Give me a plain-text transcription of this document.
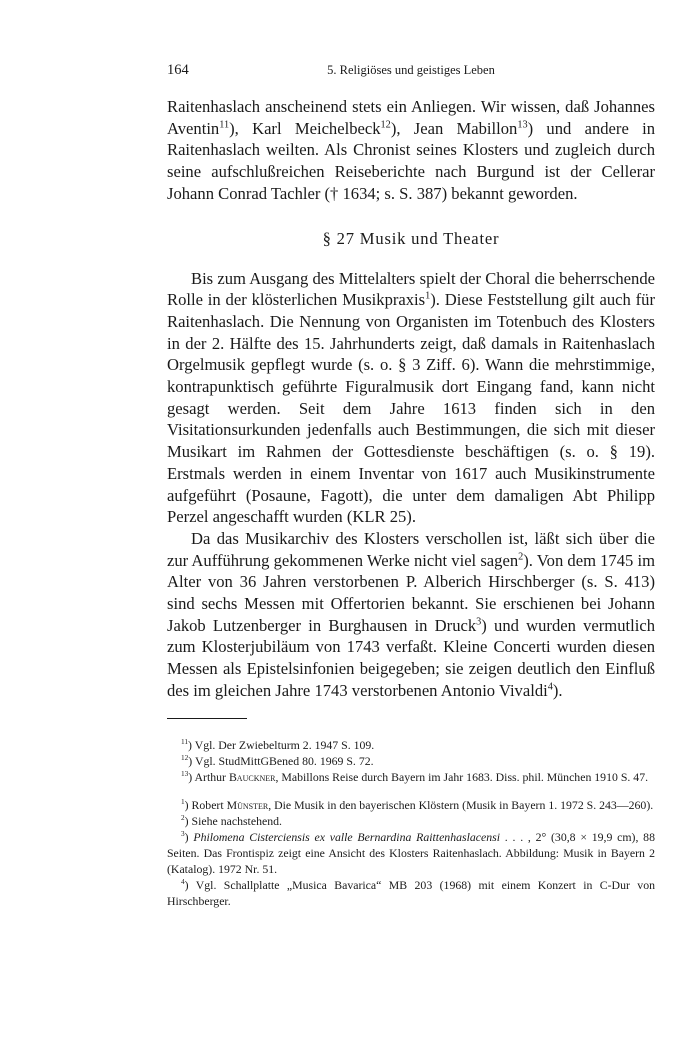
164	5. Religiöses und geistiges Leben

Raitenhaslach anscheinend stets ein Anliegen. Wir wissen, daß Johannes Aventin$^{11}$), Karl Meichelbeck$^{12}$), Jean Mabillon$^{13}$) und andere in Raitenhaslach weilten. Als Chronist seines Klosters und zugleich durch seine aufschlußreichen Reiseberichte nach Burgund ist der Cellerar Johann Conrad Tachler († 1634; s. S. 387) bekannt geworden.

§ 27 Musik und Theater

Bis zum Ausgang des Mittelalters spielt der Choral die beherrschende Rolle in der klösterlichen Musikpraxis$^1$). Diese Feststellung gilt auch für Raitenhaslach. Die Nennung von Organisten im Totenbuch des Klosters in der 2. Hälfte des 15. Jahrhunderts zeigt, daß damals in Raitenhaslach Orgelmusik gepflegt wurde (s. o. § 3 Ziff. 6). Wann die mehrstimmige, kontrapunktisch geführte Figuralmusik dort Eingang fand, kann nicht gesagt werden. Seit dem Jahre 1613 finden sich in den Visitationsurkunden jedenfalls auch Bestimmungen, die sich mit dieser Musikart im Rahmen der Gottesdienste beschäftigen (s. o. § 19). Erstmals werden in einem Inventar von 1617 auch Musikinstrumente aufgeführt (Posaune, Fagott), die unter dem damaligen Abt Philipp Perzel angeschafft wurden (KLR 25).

Da das Musikarchiv des Klosters verschollen ist, läßt sich über die zur Aufführung gekommenen Werke nicht viel sagen$^2$). Von dem 1745 im Alter von 36 Jahren verstorbenen P. Alberich Hirschberger (s. S. 413) sind sechs Messen mit Offertorien bekannt. Sie erschienen bei Johann Jakob Lutzenberger in Burghausen in Druck$^3$) und wurden vermutlich zum Klosterjubiläum von 1743 verfaßt. Kleine Concerti wurden diesen Messen als Epistelsinfonien beigegeben; sie zeigen deutlich den Einfluß des im gleichen Jahre 1743 verstorbenen Antonio Vivaldi$^4$).

$^{11}$) Vgl. Der Zwiebelturm 2. 1947 S. 109.

$^{12}$) Vgl. StudMittGBened 80. 1969 S. 72.

$^{13}$) Arthur Bauckner, Mabillons Reise durch Bayern im Jahr 1683. Diss. phil. München 1910 S. 47.

$^1$) Robert Münster, Die Musik in den bayerischen Klöstern (Musik in Bayern 1. 1972 S. 243—260).

$^2$) Siehe nachstehend.

$^3$) Philomena Cisterciensis ex valle Bernardina Raittenhaslacensi . . . , 2° (30,8 × 19,9 cm), 88 Seiten. Das Frontispiz zeigt eine Ansicht des Klosters Raitenhaslach. Abbildung: Musik in Bayern 2 (Katalog). 1972 Nr. 51.

$^4$) Vgl. Schallplatte „Musica Bavarica“ MB 203 (1968) mit einem Konzert in C-Dur von Hirschberger.
